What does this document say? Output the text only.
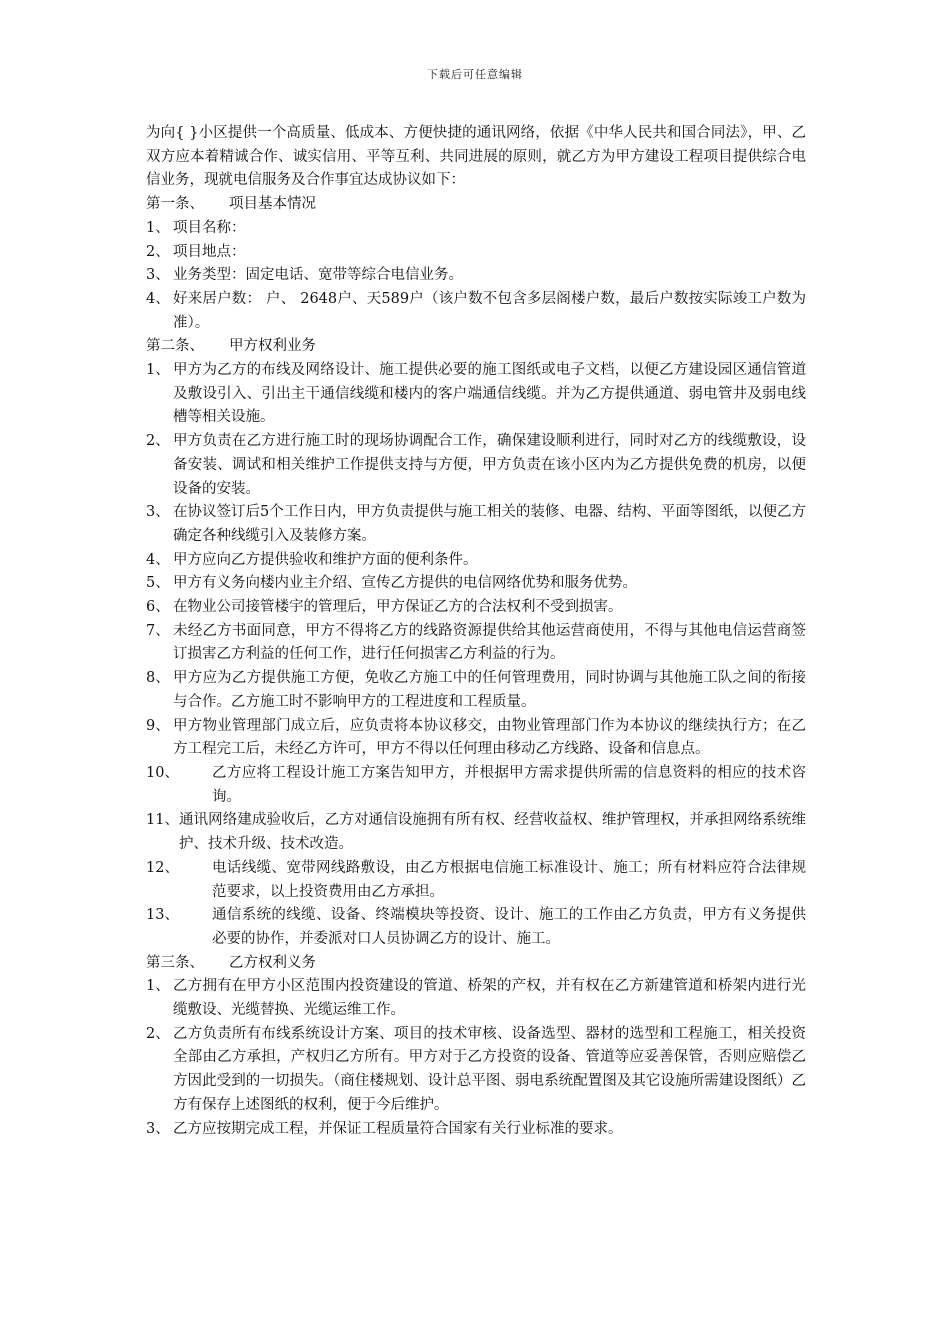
下载后可任意编辑

为向{ }小区提供一个高质量、低成本、方便快捷的通讯网络，依据《中华人民共和国合同法》，甲、乙双方应本着精诚合作、诚实信用、平等互利、共同进展的原则，就乙方为甲方建设工程项目提供综合电信业务，现就电信服务及合作事宜达成协议如下：

第一条、 项目基本情况

1、 项目名称：
2、 项目地点：
3、 业务类型：固定电话、宽带等综合电信业务。
4、 好来居户数： 户、 2648户、天589户（该户数不包含多层阁楼户数，最后户数按实际竣工户数为准）。

第二条、 甲方权利业务

1、 甲方为乙方的布线及网络设计、施工提供必要的施工图纸或电子文档，以便乙方建设园区通信管道及敷设引入、引出主干通信线缆和楼内的客户端通信线缆。并为乙方提供通道、弱电管井及弱电线槽等相关设施。
2、 甲方负责在乙方进行施工时的现场协调配合工作，确保建设顺利进行，同时对乙方的线缆敷设，设备安装、调试和相关维护工作提供支持与方便，甲方负责在该小区内为乙方提供免费的机房，以便设备的安装。
3、 在协议签订后5个工作日内，甲方负责提供与施工相关的装修、电器、结构、平面等图纸，以便乙方确定各种线缆引入及装修方案。
4、 甲方应向乙方提供验收和维护方面的便利条件。
5、 甲方有义务向楼内业主介绍、宣传乙方提供的电信网络优势和服务优势。
6、 在物业公司接管楼宇的管理后，甲方保证乙方的合法权利不受到损害。
7、 未经乙方书面同意，甲方不得将乙方的线路资源提供给其他运营商使用，不得与其他电信运营商签订损害乙方利益的任何工作，进行任何损害乙方利益的行为。
8、 甲方应为乙方提供施工方便，免收乙方施工中的任何管理费用，同时协调与其他施工队之间的衔接与合作。乙方施工时不影响甲方的工程进度和工程质量。
9、 甲方物业管理部门成立后，应负责将本协议移交，由物业管理部门作为本协议的继续执行方；在乙方工程完工后，未经乙方许可，甲方不得以任何理由移动乙方线路、设备和信息点。
10、	乙方应将工程设计施工方案告知甲方，并根据甲方需求提供所需的信息资料的相应的技术咨询。
11、 通讯网络建成验收后，乙方对通信设施拥有所有权、经营收益权、维护管理权，并承担网络系统维护、技术升级、技术改造。
12、	电话线缆、宽带网线路敷设，由乙方根据电信施工标准设计、施工；所有材料应符合法律规范要求，以上投资费用由乙方承担。
13、	通信系统的线缆、设备、终端模块等投资、设计、施工的工作由乙方负责，甲方有义务提供必要的协作，并委派对口人员协调乙方的设计、施工。

第三条、 乙方权利义务

1、 乙方拥有在甲方小区范围内投资建设的管道、桥架的产权，并有权在乙方新建管道和桥架内进行光缆敷设、光缆替换、光缆运维工作。
2、 乙方负责所有布线系统设计方案、项目的技术审核、设备选型、器材的选型和工程施工，相关投资全部由乙方承担，产权归乙方所有。甲方对于乙方投资的设备、管道等应妥善保管，否则应赔偿乙方因此受到的一切损失。（商住楼规划、设计总平图、弱电系统配置图及其它设施所需建设图纸）乙方有保存上述图纸的权利，便于今后维护。
3、 乙方应按期完成工程，并保证工程质量符合国家有关行业标准的要求。
